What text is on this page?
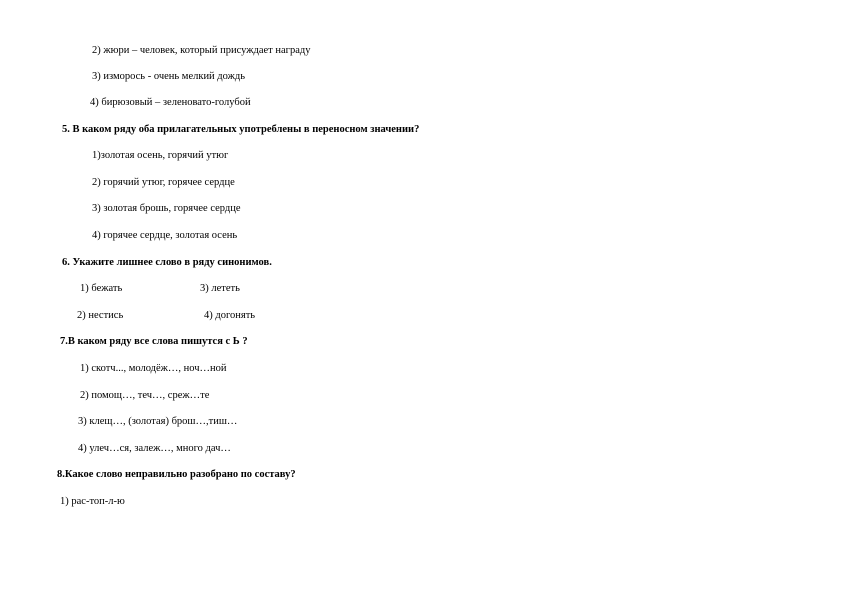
2) жюри – человек, который присуждает награду
3) изморось - очень мелкий дождь
4) бирюзовый – зеленовато-голубой
5. В каком ряду оба прилагательных употреблены в переносном значении?
1)золотая осень, горячий утюг
2) горячий утюг, горячее сердце
3) золотая брошь, горячее сердце
4) горячее сердце, золотая осень
6. Укажите лишнее слово в ряду синонимов.
1) бежать	3) лететь
2) нестись	4) догонять
7.В каком ряду все слова пишутся с Ь ?
1) скотч..., молодёж…, ноч…ной
2) помощ…, теч…, среж…те
3) клещ…, (золотая) брош…,тиш…
4) улеч…ся, залеж…, много дач…
8.Какое слово неправильно разобрано по составу?
1) рас-топ-л-ю
